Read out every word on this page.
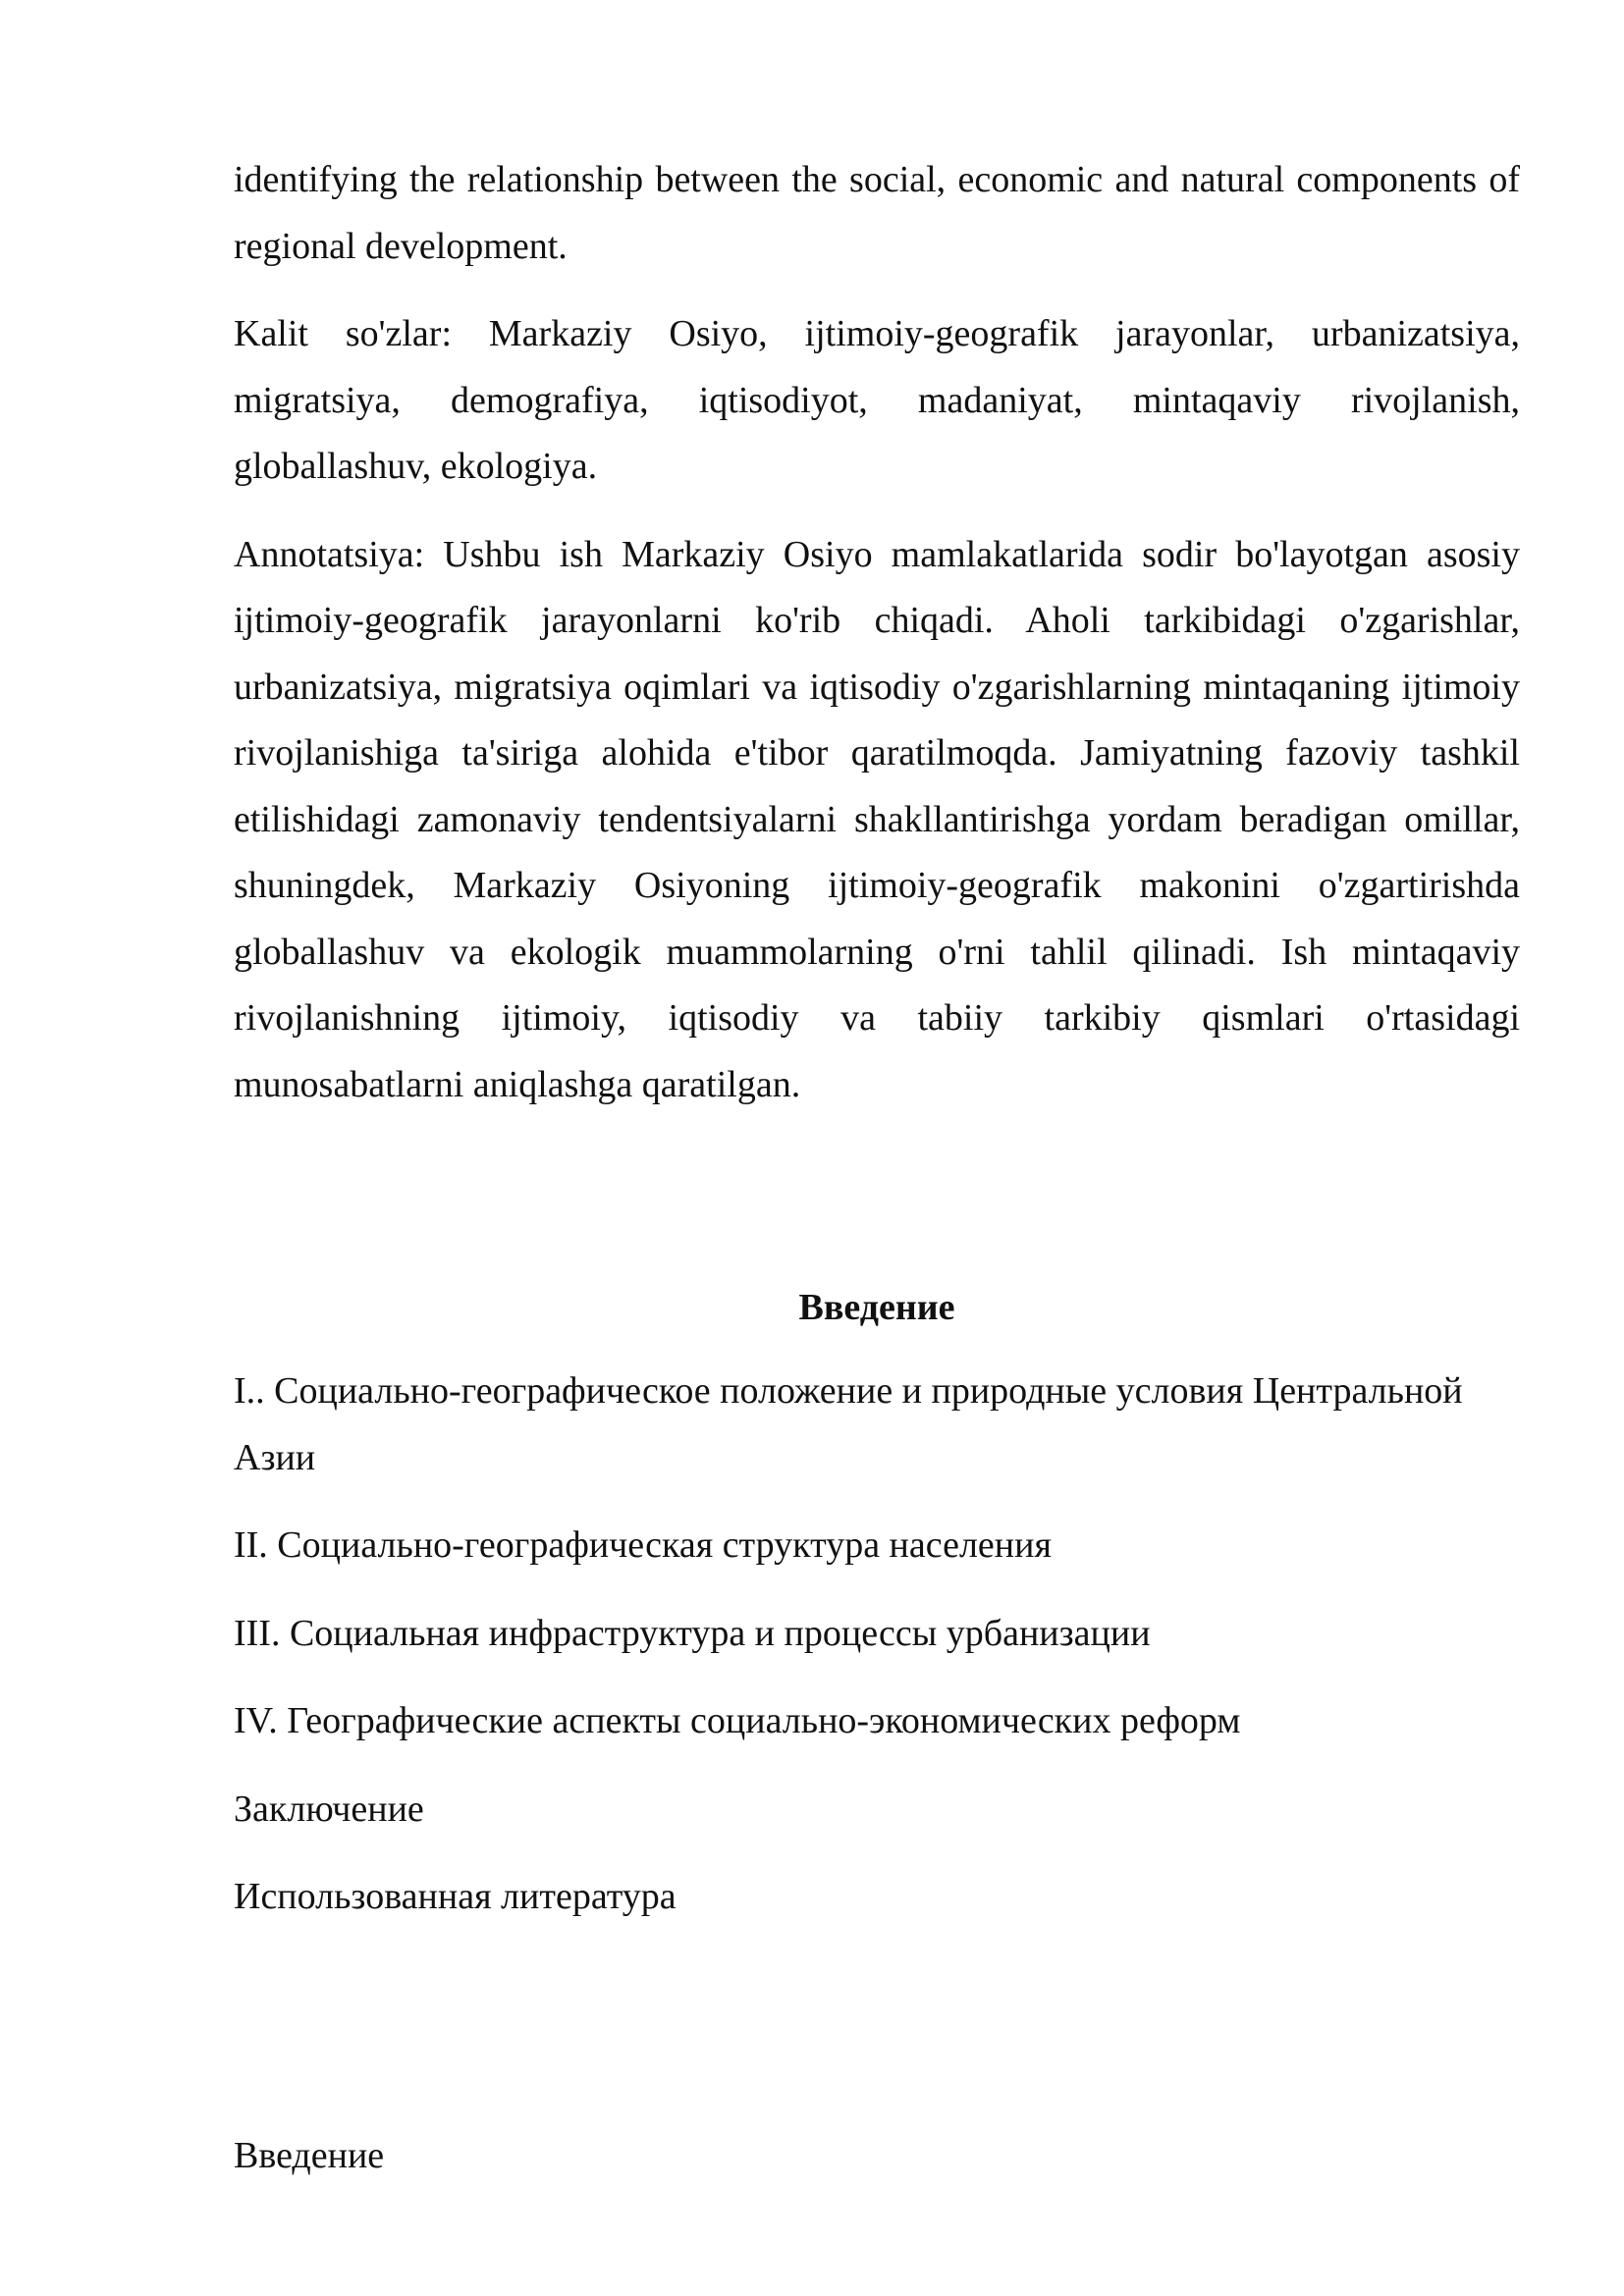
identifying the relationship between the social, economic and natural components of regional development.

Kalit so'zlar: Markaziy Osiyo, ijtimoiy-geografik jarayonlar, urbanizatsiya, migratsiya, demografiya, iqtisodiyot, madaniyat, mintaqaviy rivojlanish, globallashuv, ekologiya.

Annotatsiya: Ushbu ish Markaziy Osiyo mamlakatlarida sodir bo'layotgan asosiy ijtimoiy-geografik jarayonlarni ko'rib chiqadi. Aholi tarkibidagi o'zgarishlar, urbanizatsiya, migratsiya oqimlari va iqtisodiy o'zgarishlarning mintaqaning ijtimoiy rivojlanishiga ta'siriga alohida e'tibor qaratilmoqda. Jamiyatning fazoviy tashkil etilishidagi zamonaviy tendentsiyalarni shakllantirishga yordam beradigan omillar, shuningdek, Markaziy Osiyoning ijtimoiy-geografik makonini o'zgartirishda globallashuv va ekologik muammolarning o'rni tahlil qilinadi. Ish mintaqaviy rivojlanishning ijtimoiy, iqtisodiy va tabiiy tarkibiy qismlari o'rtasidagi munosabatlarni aniqlashga qaratilgan.

Введение

I.. Социально-географическое положение и природные условия Центральной Азии

II. Социально-географическая структура населения

III. Социальная инфраструктура и процессы урбанизации

IV. Географические аспекты социально-экономических реформ

Заключение

Использованная литература

Введение
